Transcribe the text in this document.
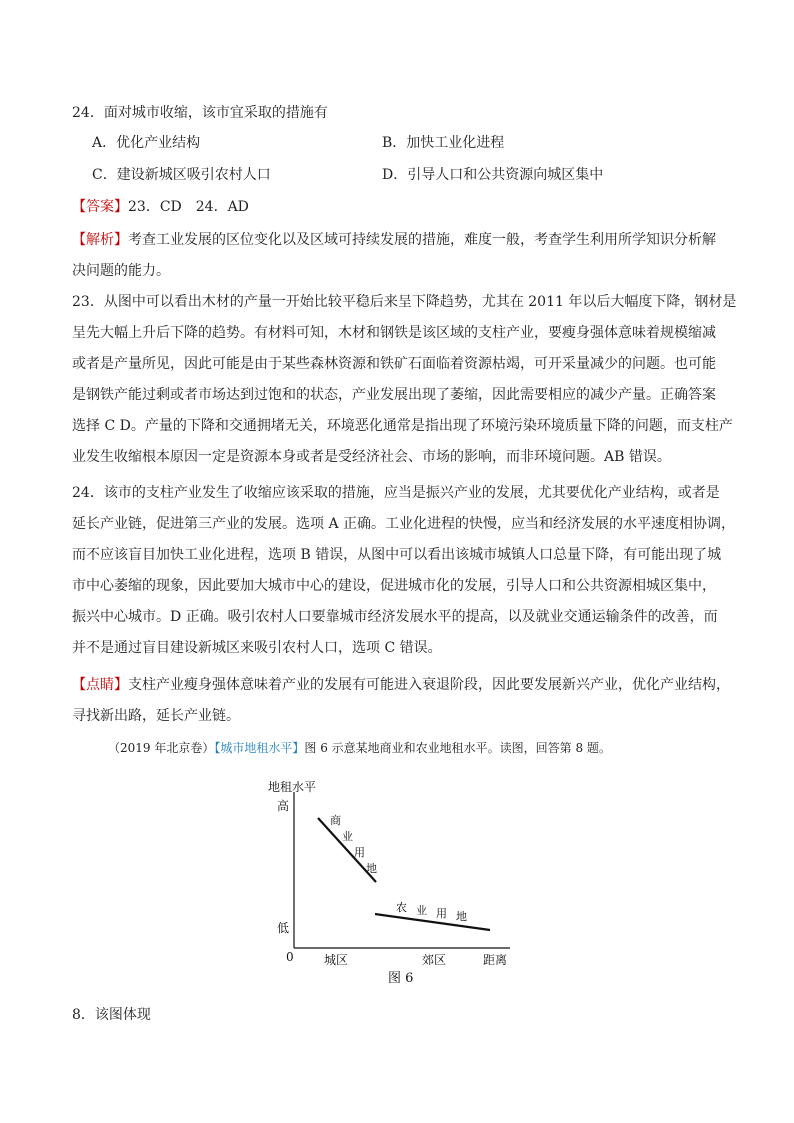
24．面对城市收缩，该市宜采取的措施有
A．优化产业结构	B．加快工业化进程
C．建设新城区吸引农村人口	D．引导人口和公共资源向城区集中
【答案】23．CD　24．AD
【解析】考查工业发展的区位变化以及区域可持续发展的措施，难度一般，考查学生利用所学知识分析解
决问题的能力。
23．从图中可以看出木材的产量一开始比较平稳后来呈下降趋势，尤其在 2011 年以后大幅度下降，钢材是
呈先大幅上升后下降的趋势。有材料可知，木材和钢铁是该区域的支柱产业，要瘦身强体意味着规模缩减
或者是产量所见，因此可能是由于某些森林资源和铁矿石面临着资源枯竭，可开采量减少的问题。也可能
是钢铁产能过剩或者市场达到过饱和的状态，产业发展出现了萎缩，因此需要相应的减少产量。正确答案
选择 C D。产量的下降和交通拥堵无关，环境恶化通常是指出现了环境污染环境质量下降的问题，而支柱产
业发生收缩根本原因一定是资源本身或者是受经济社会、市场的影响，而非环境问题。AB 错误。
24．该市的支柱产业发生了收缩应该采取的措施，应当是振兴产业的发展，尤其要优化产业结构，或者是
延长产业链，促进第三产业的发展。选项 A 正确。工业化进程的快慢，应当和经济发展的水平速度相协调，
而不应该盲目加快工业化进程，选项 B 错误，从图中可以看出该城市城镇人口总量下降，有可能出现了城
市中心萎缩的现象，因此要加大城市中心的建设，促进城市化的发展，引导人口和公共资源相城区集中，
振兴中心城市。D 正确。吸引农村人口要靠城市经济发展水平的提高，以及就业交通运输条件的改善，而
并不是通过盲目建设新城区来吸引农村人口，选项 C 错误。
【点睛】支柱产业瘦身强体意味着产业的发展有可能进入衰退阶段，因此要发展新兴产业，优化产业结构，
寻找新出路，延长产业链。
（2019 年北京卷）【城市地租水平】图 6 示意某地商业和农业地租水平。读图，回答第 8 题。
地租水平
高
低
0	城区	郊区	距离
图 6
商
业
用
地
农 业 用 地
8．该图体现
